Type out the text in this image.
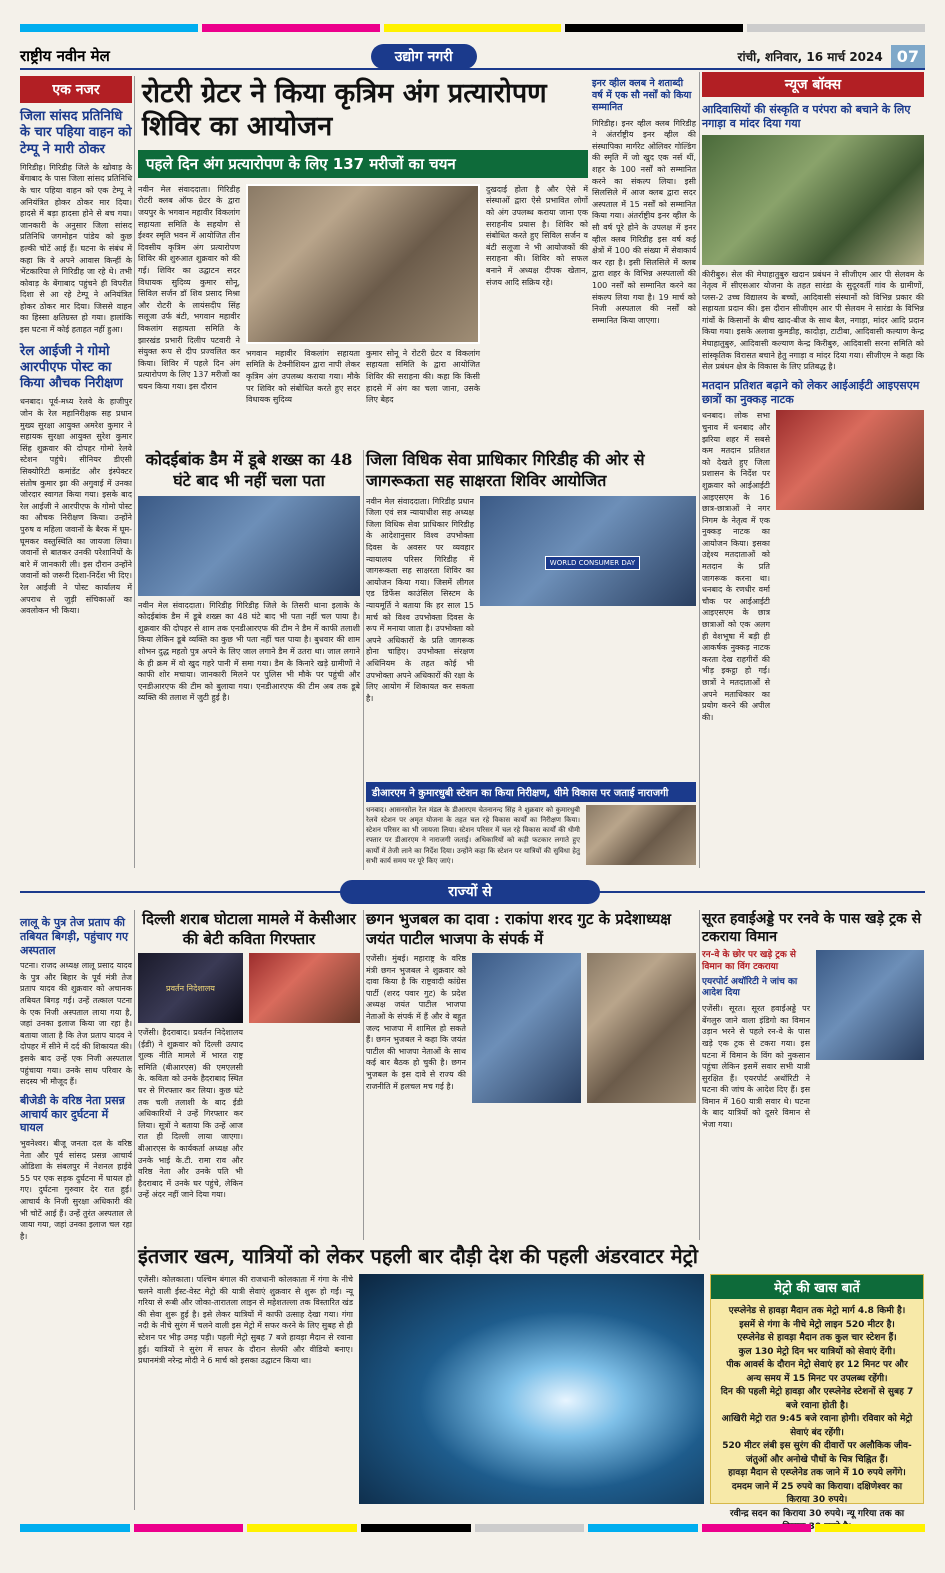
राष्ट्रीय नवीन मेल	उद्योग नगरी	रांची, शनिवार, 16 मार्च 2024 07
एक नजर
जिला सांसद प्रतिनिधि के चार पहिया वाहन को टेम्पू ने मारी ठोकर
गिरिडीह। गिरिडीह जिले के खोवाड़ के बेंगाबाद के पास जिला सांसद प्रतिनिधि के चार पहिया वाहन को एक टेम्पू ने अनियंत्रित होकर ठोकर मार दिया। हादसे में बड़ा हादसा होने से बच गया। जानकारी के अनुसार जिला सांसद प्रतिनिधि जगमोहन पांडेय को कुछ हल्की चोटें आई हैं। घटना के संबंध में कहा कि वे अपने आवास किन्हीं के भेंटकारिया ले गिरिडीह जा रहे थे। तभी कोवाड़ के बेंगाबाद पहुंचने ही विपरीत दिशा से आ रहे टेम्पू ने अनियंत्रित होकर ठोकर मार दिया। जिससे वाहन का हिस्सा क्षतिग्रस्त हो गया। हालांकि इस घटना में कोई हताहत नहीं हुआ।
रेल आईजी ने गोमो आरपीएफ पोस्ट का किया औचक निरीक्षण
धनबाद। पूर्व-मध्य रेलवे के हाजीपुर जोन के रेल महानिरीक्षक सह प्रधान मुख्य सुरक्षा आयुक्त अमरेश कुमार ने सहायक सुरक्षा आयुक्त सुरेश कुमार सिंह शुक्रवार की दोपहर गोमो रेलवे स्टेशन पहुंचे। सीनियर डीएसी सिक्योरिटी कमांडेंट और इंस्पेक्टर संतोष कुमार झा की अगुवाई में उनका जोरदार स्वागत किया गया। इसके बाद रेल आईजी ने आरपीएफ के गोमो पोस्ट का औचक निरीक्षण किया। उन्होंने पुरुष व महिला जवानों के बैरक में घूम-घूमकर वस्तुस्थिति का जायजा लिया। जवानों से बातकर उनकी परेशानियों के बारे में जानकारी ली। इस दौरान उन्होंने जवानों को जरूरी दिशा-निर्देश भी दिए। रेल आईजी ने पोस्ट कार्यालय में अपराध से जुड़ी संचिकाओं का अवलोकन भी किया।
रोटरी ग्रेटर ने किया कृत्रिम अंग प्रत्यारोपण शिविर का आयोजन
पहले दिन अंग प्रत्यारोपण के लिए 137 मरीजों का चयन
नवीन मेल संवाददाता। गिरिडीह रोटरी क्लब ऑफ ग्रेटर के द्वारा जयपुर के भगवान महावीर विकलांग सहायता समिति के सहयोग से ईश्वर स्मृति भवन में आयोजित तीन दिवसीय कृत्रिम अंग प्रत्यारोपण शिविर की शुरुआत शुक्रवार को की गई। शिविर का उद्घाटन सदर विधायक सुदिव्य कुमार सोनू, सिविल सर्जन डॉ शिव प्रसाद मिश्रा और रोटरी के लायंसदीप सिंह सलूजा उर्फ बंटी, भगवान महावीर विकलांग सहायता समिति के झारखंड प्रभारी दिलीप पटवारी ने संयुक्त रूप से दीप प्रज्वलित कर किया। शिविर में पहले दिन अंग प्रत्यारोपण के लिए 137 मरीजों का चयन किया गया। इस दौरान
भगवान महावीर विकलांग सहायता समिति के टेक्नीशियन द्वारा नापी लेकर कृत्रिम अंग उपलब्ध कराया गया। मौके पर शिविर को संबोधित करते हुए सदर विधायक सुदिव्य
कुमार सोनू ने रोटरी ग्रेटर व विकलांग सहायता समिति के द्वारा आयोजित शिविर की सराहना की। कहा कि किसी हादसे में अंग का चला जाना, उसके लिए बेहद
दुखदाई होता है और ऐसे में संस्थाओं द्वारा ऐसे प्रभावित लोगों को अंग उपलब्ध कराया जाना एक सराहनीय प्रयास है। शिविर को संबोधित करते हुए सिविल सर्जन व बंटी सलूजा ने भी आयोजकों की सराहना की। शिविर को सफल बनाने में अध्यक्ष दीपक खेतान, संजय आदि सक्रिय रहे।
इनर व्हील क्लब ने शताब्दी वर्ष में एक सौ नर्सों को किया सम्मानित
गिरिडीह। इनर व्हील क्लब गिरिडीह ने अंतर्राष्ट्रीय इनर व्हील की संस्थापिका मार्गरेट ओलिवर गोल्डिंग की स्मृति में जो खुद एक नर्स थीं, शहर के 100 नर्सों को सम्मानित करने का संकल्प लिया। इसी सिलसिले में आज क्लब द्वारा सदर अस्पताल में 15 नर्सों को सम्मानित किया गया। अंतर्राष्ट्रीय इनर व्हील के सौ वर्ष पूरे होने के उपलक्ष में इनर व्हील क्लब गिरिडीह इस वर्ष कई क्षेत्रों में 100 की संख्या में सेवाकार्य कर रहा है। इसी सिलसिले में क्लब द्वारा शहर के विभिन्न अस्पतालों की 100 नर्सों को सम्मानित करने का संकल्प लिया गया है। 19 मार्च को निजी अस्पताल की नर्सों को सम्मानित किया जाएगा।
न्यूज बॉक्स
आदिवासियों की संस्कृति व परंपरा को बचाने के लिए नगाड़ा व मांदर दिया गया
कीरीबुरु। सेल की मेघाहातुबुरु खदान प्रबंधन ने सीजीएम आर पी सेलवम के नेतृत्व में सीएसआर योजना के तहत सारंडा के सुदूरवर्ती गांव के ग्रामीणों, प्लस-2 उच्च विद्यालय के बच्चों, आदिवासी संस्थानों को विभिन्न प्रकार की सहायता प्रदान की। इस दौरान सीजीएम आर पी सेलवम ने सारंडा के विभिन्न गांवों के किसानों के बीच खाद-बीज के साथ बैल, नगाड़ा, मांदर आदि प्रदान किया गया। इसके अलावा कुमडीह, कादोड़ा, टाटीबा, आदिवासी कल्याण केन्द्र मेघाहातुबुरु, आदिवासी कल्याण केन्द्र किरीबुरु, आदिवासी सरना समिति को सांस्कृतिक विरासत बचाने हेतु नगाड़ा व मांदर दिया गया। सीजीएम ने कहा कि सेल प्रबंधन क्षेत्र के विकास के लिए प्रतिबद्ध है।
मतदान प्रतिशत बढ़ाने को लेकर आईआईटी आइएसएम छात्रों का नुक्कड़ नाटक
धनबाद। लोक सभा चुनाव में धनबाद और झरिया शहर में सबसे कम मतदान प्रतिशत को देखते हुए जिला प्रशासन के निर्देश पर शुक्रवार को आईआईटी आइएसएम के 16 छात्र-छात्राओं ने नगर निगम के नेतृत्व में एक नुक्कड़ नाटक का आयोजन किया। इसका उद्देश्य मतदाताओं को मतदान के प्रति जागरूक करना था। धनबाद के रणधीर वर्मा चौक पर आईआईटी आइएसएम के छात्र छात्राओं को एक अलग ही वेशभूषा में बड़ी ही आकर्षक नुक्कड़ नाटक करता देख राहगीरों की भीड़ इकट्ठा हो गई। छात्रों ने मतदाताओं से अपने मताधिकार का प्रयोग करने की अपील की।
कोदईबांक डैम में डूबे शख्स का 48 घंटे बाद भी नहीं चला पता
नवीन मेल संवाददाता। गिरिडीह गिरिडीह जिले के तिसरी थाना इलाके के कोदईबांक डैम में डूबे शख्स का 48 घंटे बाद भी पता नहीं चल पाया है। शुक्रवार की दोपहर से शाम तक एनडीआरएफ की टीम ने डैम में काफी तलाशी किया लेकिन डूबे व्यक्ति का कुछ भी पता नहीं चल पाया है। बुधवार की शाम शोभन दुद्ध महतो पुत्र अपने के लिए जाल लगाने डैम में उतरा था। जाल लगाने के ही क्रम में वो खुद गहरे पानी में समा गया। डैम के किनारे खड़े ग्रामीणों ने काफी शोर मचाया। जानकारी मिलने पर पुलिस भी मौके पर पहुंची और एनडीआरएफ की टीम को बुलाया गया। एनडीआरएफ की टीम अब तक डूबे व्यक्ति की तलाश में जुटी हुई है।
जिला विधिक सेवा प्राधिकार गिरिडीह की ओर से जागरूकता सह साक्षरता शिविर आयोजित
नवीन मेल संवाददाता। गिरिडीह प्रधान जिला एवं सत्र न्यायाधीश सह अध्यक्ष जिला विधिक सेवा प्राधिकार गिरिडीह के आदेशानुसार विश्व उपभोक्ता दिवस के अवसर पर व्यवहार न्यायालय परिसर गिरिडीह में जागरूकता सह साक्षरता शिविर का आयोजन किया गया। जिसमें लीगल एड डिफेंस काउंसिल सिस्टम के न्यायमूर्ति ने बताया कि हर साल 15 मार्च को विश्व उपभोक्ता दिवस के रूप में मनाया जाता है। उपभोक्ता को अपने अधिकारों के प्रति जागरूक होना चाहिए। उपभोक्ता संरक्षण अधिनियम के तहत कोई भी उपभोक्ता अपने अधिकारों की रक्षा के लिए आयोग में शिकायत कर सकता है।
WORLD CONSUMER DAY
डीआरएम ने कुमारधुबी स्टेशन का किया निरीक्षण, धीमे विकास पर जताई नाराजगी
धनबाद। आसनसोल रेल मंडल के डीआरएम चेतनानन्द सिंह ने शुक्रवार को कुमारधुबी रेलवे स्टेशन पर अमृत योजना के तहत चल रहे विकास कार्यों का निरीक्षण किया। स्टेशन परिसर का भी जायजा लिया। स्टेशन परिसर में चल रहे विकास कार्यों की धीमी रफ्तार पर डीआरएम ने नाराजगी जताई। अधिकारियों को कड़ी फटकार लगाते हुए कार्यों में तेजी लाने का निर्देश दिया। उन्होंने कहा कि स्टेशन पर यात्रियों की सुविधा हेतु सभी कार्य समय पर पूरे किए जाएं।
राज्यों से
लालू के पुत्र तेज प्रताप की तबियत बिगड़ी, पहुंचाए गए अस्पताल
पटना। राजद अध्यक्ष लालू प्रसाद यादव के पुत्र और बिहार के पूर्व मंत्री तेज प्रताप यादव की शुक्रवार को अचानक तबियत बिगड़ गई। उन्हें तत्काल पटना के एक निजी अस्पताल लाया गया है, जहां उनका इलाज किया जा रहा है। बताया जाता है कि तेज प्रताप यादव ने दोपहर में सीने में दर्द की शिकायत की। इसके बाद उन्हें एक निजी अस्पताल पहुंचाया गया। उनके साथ परिवार के सदस्य भी मौजूद हैं।
बीजेडी के वरिष्ठ नेता प्रसन्न आचार्य कार दुर्घटना में घायल
भुवनेश्वर। बीजू जनता दल के वरिष्ठ नेता और पूर्व सांसद प्रसन्न आचार्य ओडिशा के संबलपुर में नेशनल हाईवे 55 पर एक सड़क दुर्घटना में घायल हो गए। दुर्घटना गुरुवार देर रात हुई। आचार्य के निजी सुरक्षा अधिकारी की भी चोटें आई हैं। उन्हें तुरंत अस्पताल ले जाया गया, जहां उनका इलाज चल रहा है।
दिल्ली शराब घोटाला मामले में केसीआर की बेटी कविता गिरफ्तार
प्रवर्तन निदेशालय
एजेंसी। हैदराबाद। प्रवर्तन निदेशालय (ईडी) ने शुक्रवार को दिल्ली उत्पाद शुल्क नीति मामले में भारत राष्ट्र समिति (बीआरएस) की एमएलसी के. कविता को उनके हैदराबाद स्थित घर से गिरफ्तार कर लिया। कुछ घंटे तक चली तलाशी के बाद ईडी अधिकारियों ने उन्हें गिरफ्तार कर लिया। सूत्रों ने बताया कि उन्हें आज रात ही दिल्ली लाया जाएगा। बीआरएस के कार्यकर्ता अध्यक्ष और उनके भाई के.टी. रामा राव और वरिष्ठ नेता और उनके पति भी हैदराबाद में उनके घर पहुंचे, लेकिन उन्हें अंदर नहीं जाने दिया गया।
छगन भुजबल का दावा : राकांपा शरद गुट के प्रदेशाध्यक्ष जयंत पाटील भाजपा के संपर्क में
एजेंसी। मुंबई। महाराष्ट्र के वरिष्ठ मंत्री छगन भुजबल ने शुक्रवार को दावा किया है कि राष्ट्रवादी कांग्रेस पार्टी (शरद पवार गुट) के प्रदेश अध्यक्ष जयंत पाटील भाजपा नेताओं के संपर्क में हैं और वे बहुत जल्द भाजपा में शामिल हो सकते हैं। छगन भुजबल ने कहा कि जयंत पाटील की भाजपा नेताओं के साथ कई बार बैठक हो चुकी है। छगन भुजबल के इस दावे से राज्य की राजनीति में हलचल मच गई है।
सूरत हवाईअड्डे पर रनवे के पास खड़े ट्रक से टकराया विमान
रन-वे के छोर पर खड़े ट्रक से विमान का विंग टकराया
एयरपोर्ट अथॉरिटी ने जांच का आदेश दिया
एजेंसी। सूरत। सूरत हवाईअड्डे पर बेंगलुरु जाने वाला इंडिगो का विमान उड़ान भरने से पहले रन-वे के पास खड़े एक ट्रक से टकरा गया। इस घटना में विमान के विंग को नुकसान पहुंचा लेकिन इसमें सवार सभी यात्री सुरक्षित हैं। एयरपोर्ट अथॉरिटी ने घटना की जांच के आदेश दिए हैं। इस विमान में 160 यात्री सवार थे। घटना के बाद यात्रियों को दूसरे विमान से भेजा गया।
इंतजार खत्म, यात्रियों को लेकर पहली बार दौड़ी देश की पहली अंडरवाटर मेट्रो
एजेंसी। कोलकाता। पश्चिम बंगाल की राजधानी कोलकाता में गंगा के नीचे चलने वाली ईस्ट-वेस्ट मेट्रो की यात्री सेवाएं शुक्रवार से शुरू हो गईं। न्यू गरिया से रूबी और जोका-तारातला लाइन से महेशतल्ला तक विस्तारित खंड की सेवा शुरू हुई है। इसे लेकर यात्रियों में काफी उत्साह देखा गया। गंगा नदी के नीचे सुरंग में चलने वाली इस मेट्रो में सफर करने के लिए सुबह से ही स्टेशन पर भीड़ उमड़ पड़ी। पहली मेट्रो सुबह 7 बजे हावड़ा मैदान से रवाना हुई। यात्रियों ने सुरंग में सफर के दौरान सेल्फी और वीडियो बनाए। प्रधानमंत्री नरेन्द्र मोदी ने 6 मार्च को इसका उद्घाटन किया था।
मेट्रो की खास बातें
एस्प्लेनेड से हावड़ा मैदान तक मेट्रो मार्ग 4.8 किमी है।
इसमें से गंगा के नीचे मेट्रो लाइन 520 मीटर है।
एस्प्लेनेड से हावड़ा मैदान तक कुल चार स्टेशन हैं।
कुल 130 मेट्रो दिन भर यात्रियों को सेवाएं देंगी।
पीक आवर्स के दौरान मेट्रो सेवाएं हर 12 मिनट पर और अन्य समय में 15 मिनट पर उपलब्ध रहेंगी।
दिन की पहली मेट्रो हावड़ा और एस्प्लेनेड स्टेशनों से सुबह 7 बजे रवाना होती है।
आखिरी मेट्रो रात 9:45 बजे रवाना होगी। रविवार को मेट्रो सेवाएं बंद रहेंगी।
520 मीटर लंबी इस सुरंग की दीवारों पर अलौकिक जीव-जंतुओं और अनोखे पौधों के चित्र चिह्नित हैं।
हावड़ा मैदान से एस्प्लेनेड तक जाने में 10 रुपये लगेंगे।
दमदम जाने में 25 रुपये का किराया। दक्षिणेश्वर का किराया 30 रुपये।
रवीन्द्र सदन का किराया 30 रुपये। न्यू गरिया तक का
